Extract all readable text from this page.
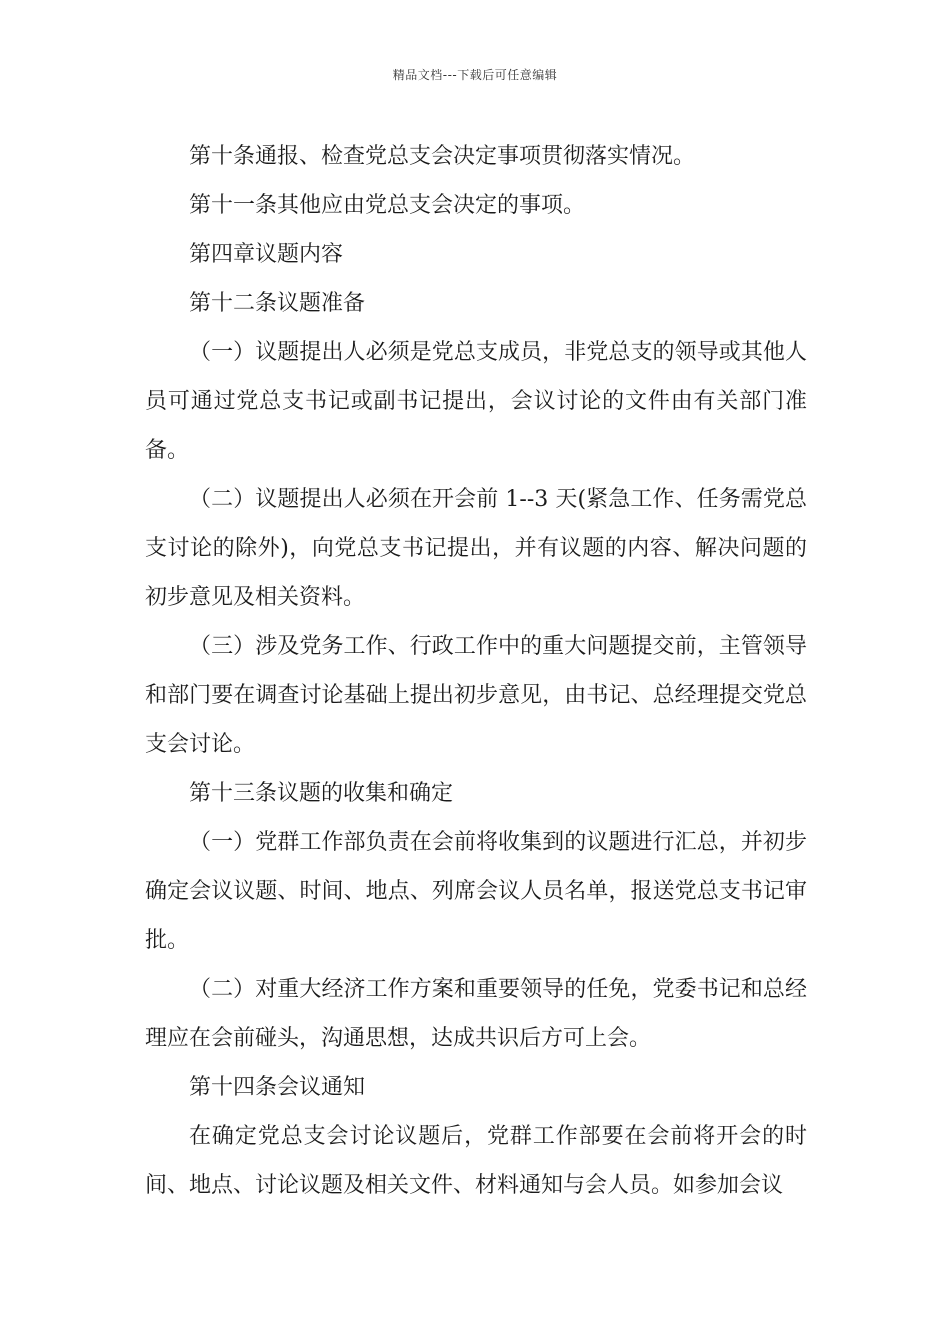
精品文档---下载后可任意编辑

第十条通报、检查党总支会决定事项贯彻落实情况。

第十一条其他应由党总支会决定的事项。

第四章议题内容

第十二条议题准备

（一）议题提出人必须是党总支成员，非党总支的领导或其他人员可通过党总支书记或副书记提出，会议讨论的文件由有关部门准备。

（二）议题提出人必须在开会前 1--3 天(紧急工作、任务需党总支讨论的除外)，向党总支书记提出，并有议题的内容、解决问题的初步意见及相关资料。

（三）涉及党务工作、行政工作中的重大问题提交前，主管领导和部门要在调查讨论基础上提出初步意见，由书记、总经理提交党总支会讨论。

第十三条议题的收集和确定

（一）党群工作部负责在会前将收集到的议题进行汇总，并初步确定会议议题、时间、地点、列席会议人员名单，报送党总支书记审批。

（二）对重大经济工作方案和重要领导的任免，党委书记和总经理应在会前碰头，沟通思想，达成共识后方可上会。

第十四条会议通知

在确定党总支会讨论议题后，党群工作部要在会前将开会的时间、地点、讨论议题及相关文件、材料通知与会人员。如参加会议
